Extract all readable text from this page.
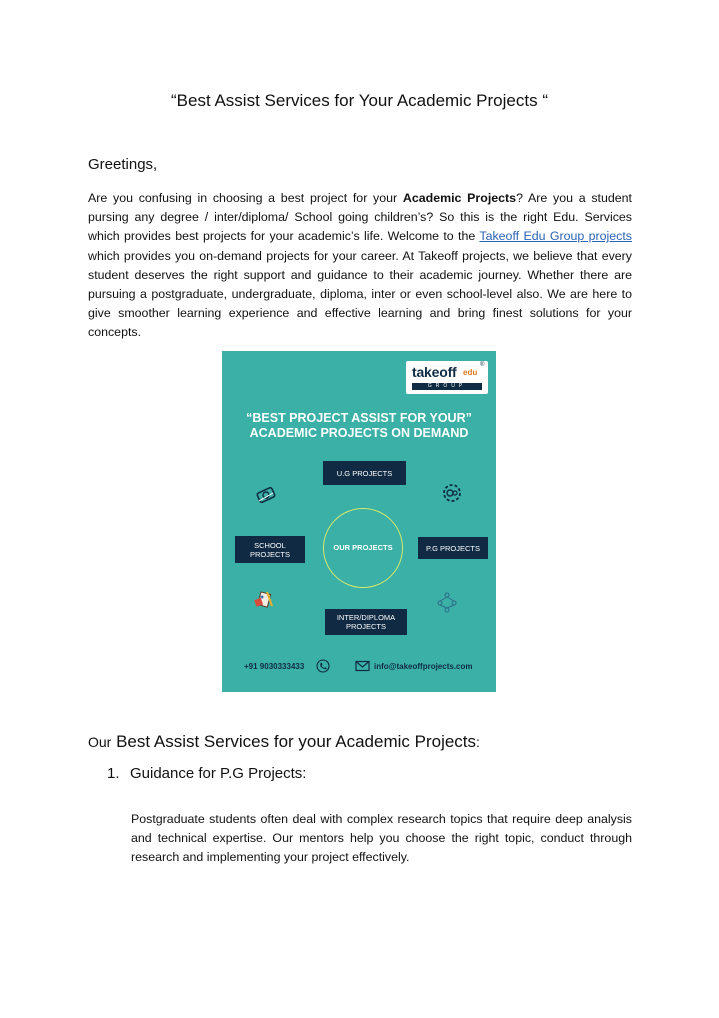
“Best Assist Services for Your Academic Projects “
Greetings,

Are you confusing in choosing a best project for your Academic Projects? Are you a student pursing any degree / inter/diploma/ School going children’s? So this is the right Edu. Services which provides best projects for your academic’s life. Welcome to the Takeoff Edu Group projects which provides you on-demand projects for your career. At Takeoff projects, we believe that every student deserves the right support and guidance to their academic journey. Whether there are pursuing a postgraduate, undergraduate, diploma, inter or even school-level also. We are here to give smoother learning experience and effective learning and bring finest solutions for your concepts.

takeoff edu
®
GROUP
“BEST PROJECT ASSIST FOR YOUR”
ACADEMIC PROJECTS ON DEMAND
U.G PROJECTS
OUR PROJECTS
SCHOOL
PROJECTS
P.G PROJECTS
INTER/DIPLOMA
PROJECTS
+91 9030333433	info@takeoffprojects.com
Our Best Assist Services for your Academic Projects:
1. Guidance for P.G Projects:

Postgraduate students often deal with complex research topics that require deep analysis and technical expertise. Our mentors help you choose the right topic, conduct through research and implementing your project effectively.
